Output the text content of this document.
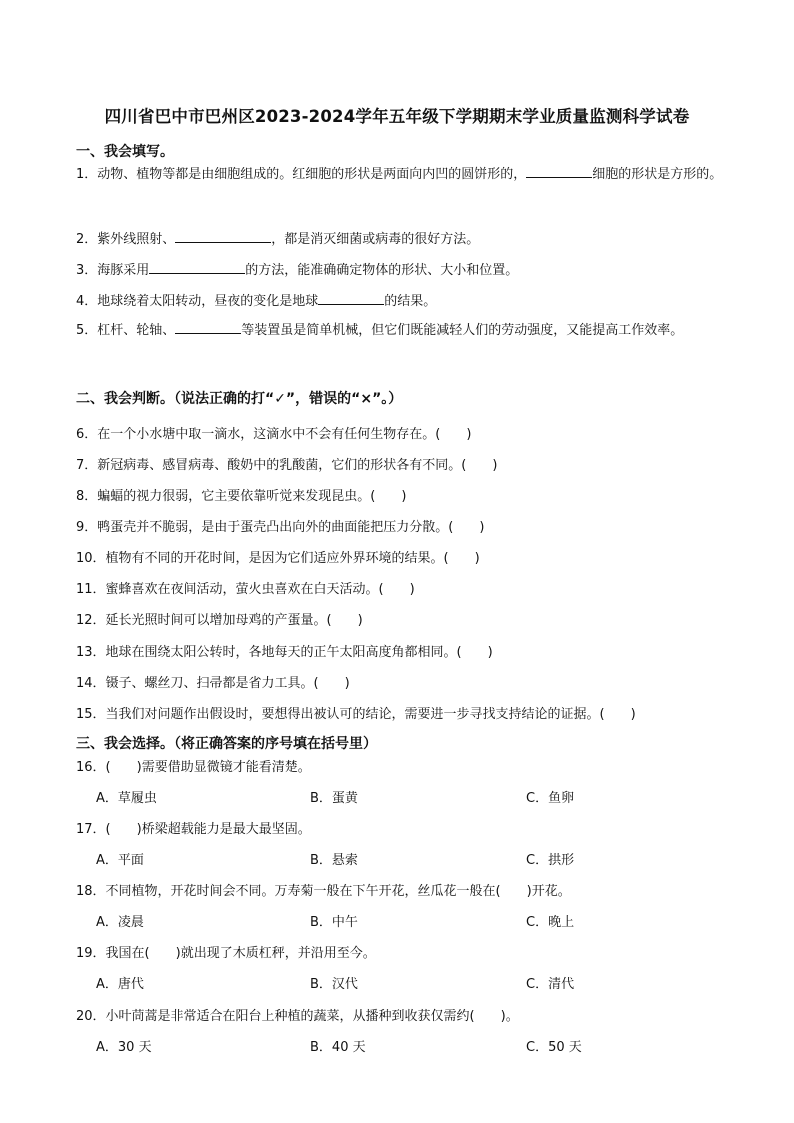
四川省巴中市巴州区2023-2024学年五年级下学期期末学业质量监测科学试卷
一、我会填写。
1．动物、植物等都是由细胞组成的。红细胞的形状是两面向内凹的圆饼形的，	细胞的形状是方形的。
2．紫外线照射、	，都是消灭细菌或病毒的很好方法。
3．海豚采用	的方法，能准确确定物体的形状、大小和位置。
4．地球绕着太阳转动，昼夜的变化是地球	的结果。
5．杠杆、轮轴、	等装置虽是简单机械，但它们既能减轻人们的劳动强度，又能提高工作效率。
二、我会判断。（说法正确的打“✓”，错误的“×”。）
6．在一个小水塘中取一滴水，这滴水中不会有任何生物存在。(　　)
7．新冠病毒、感冒病毒、酸奶中的乳酸菌，它们的形状各有不同。(　　)
8．蝙蝠的视力很弱，它主要依靠听觉来发现昆虫。(　　)
9．鸭蛋壳并不脆弱，是由于蛋壳凸出向外的曲面能把压力分散。(　　)
10．植物有不同的开花时间，是因为它们适应外界环境的结果。(　　)
11．蜜蜂喜欢在夜间活动，萤火虫喜欢在白天活动。(　　)
12．延长光照时间可以增加母鸡的产蛋量。(　　)
13．地球在围绕太阳公转时，各地每天的正午太阳高度角都相同。(　　)
14．镊子、螺丝刀、扫帚都是省力工具。(　　)
15．当我们对问题作出假设时，要想得出被认可的结论，需要进一步寻找支持结论的证据。(　　)
三、我会选择。（将正确答案的序号填在括号里）
16．(　　)需要借助显微镜才能看清楚。
A．草履虫	B．蛋黄	C．鱼卵
17．(　　)桥梁超载能力是最大最坚固。
A．平面	B．悬索	C．拱形
18．不同植物，开花时间会不同。万寿菊一般在下午开花，丝瓜花一般在(　　)开花。
A．凌晨	B．中午	C．晚上
19．我国在(　　)就出现了木质杠秤，并沿用至今。
A．唐代	B．汉代	C．清代
20．小叶茼蒿是非常适合在阳台上种植的蔬菜，从播种到收获仅需约(　　)。
A．30 天	B．40 天	C．50 天
